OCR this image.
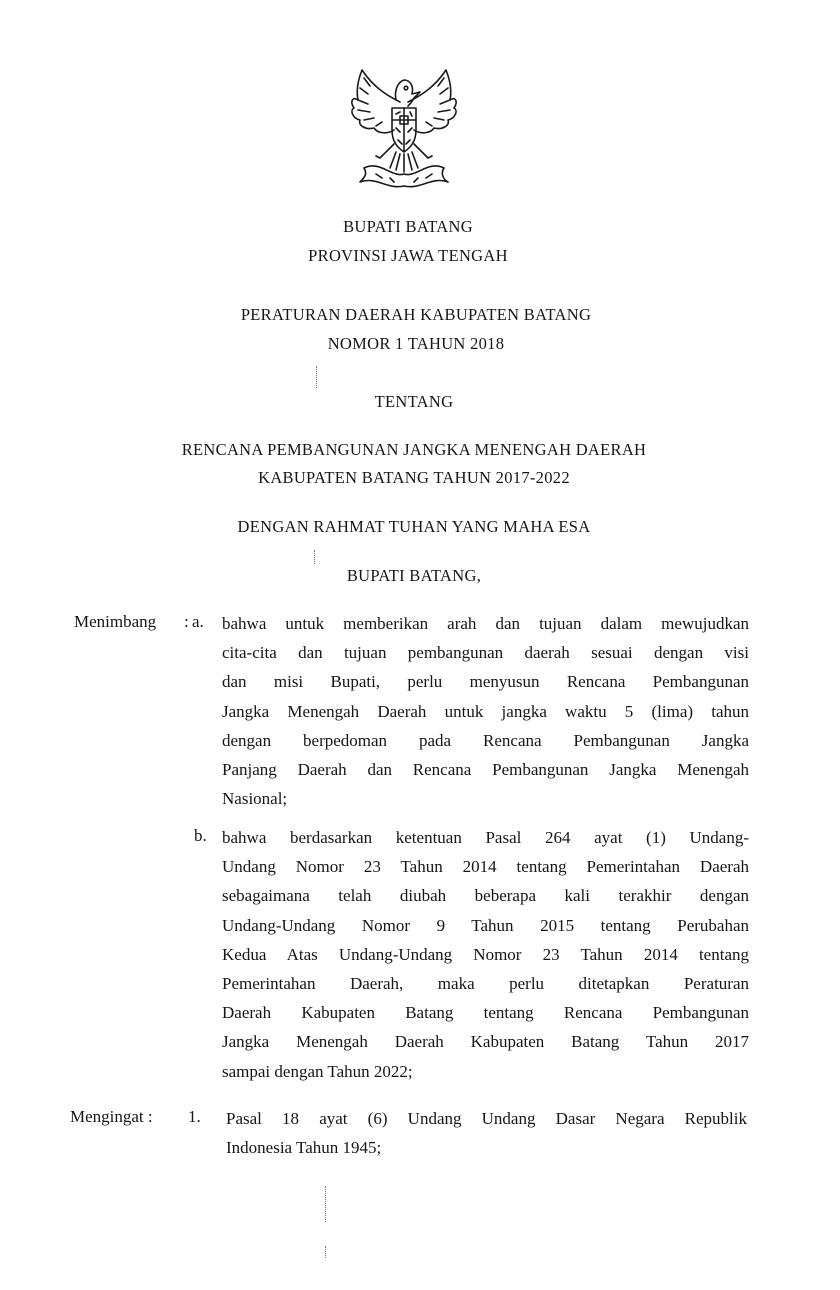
BUPATI BATANG
PROVINSI JAWA TENGAH
PERATURAN DAERAH KABUPATEN BATANG
NOMOR 1 TAHUN 2018
TENTANG
RENCANA PEMBANGUNAN JANGKA MENENGAH DAERAH
KABUPATEN BATANG TAHUN 2017-2022
DENGAN RAHMAT TUHAN YANG MAHA ESA
BUPATI BATANG,
Menimbang : a. bahwa untuk memberikan arah dan tujuan dalam mewujudkan
cita-cita dan tujuan pembangunan daerah sesuai dengan visi
dan misi Bupati, perlu menyusun Rencana Pembangunan
Jangka Menengah Daerah untuk jangka waktu 5 (lima) tahun
dengan berpedoman pada Rencana Pembangunan Jangka
Panjang Daerah dan Rencana Pembangunan Jangka Menengah
Nasional;
b. bahwa berdasarkan ketentuan Pasal 264 ayat (1) Undang-
Undang Nomor 23 Tahun 2014 tentang Pemerintahan Daerah
sebagaimana telah diubah beberapa kali terakhir dengan
Undang-Undang Nomor 9 Tahun 2015 tentang Perubahan
Kedua Atas Undang-Undang Nomor 23 Tahun 2014 tentang
Pemerintahan Daerah, maka perlu ditetapkan Peraturan
Daerah Kabupaten Batang tentang Rencana Pembangunan
Jangka Menengah Daerah Kabupaten Batang Tahun 2017
sampai dengan Tahun 2022;
Mengingat : 1. Pasal 18 ayat (6) Undang Undang Dasar Negara Republik
Indonesia Tahun 1945;
